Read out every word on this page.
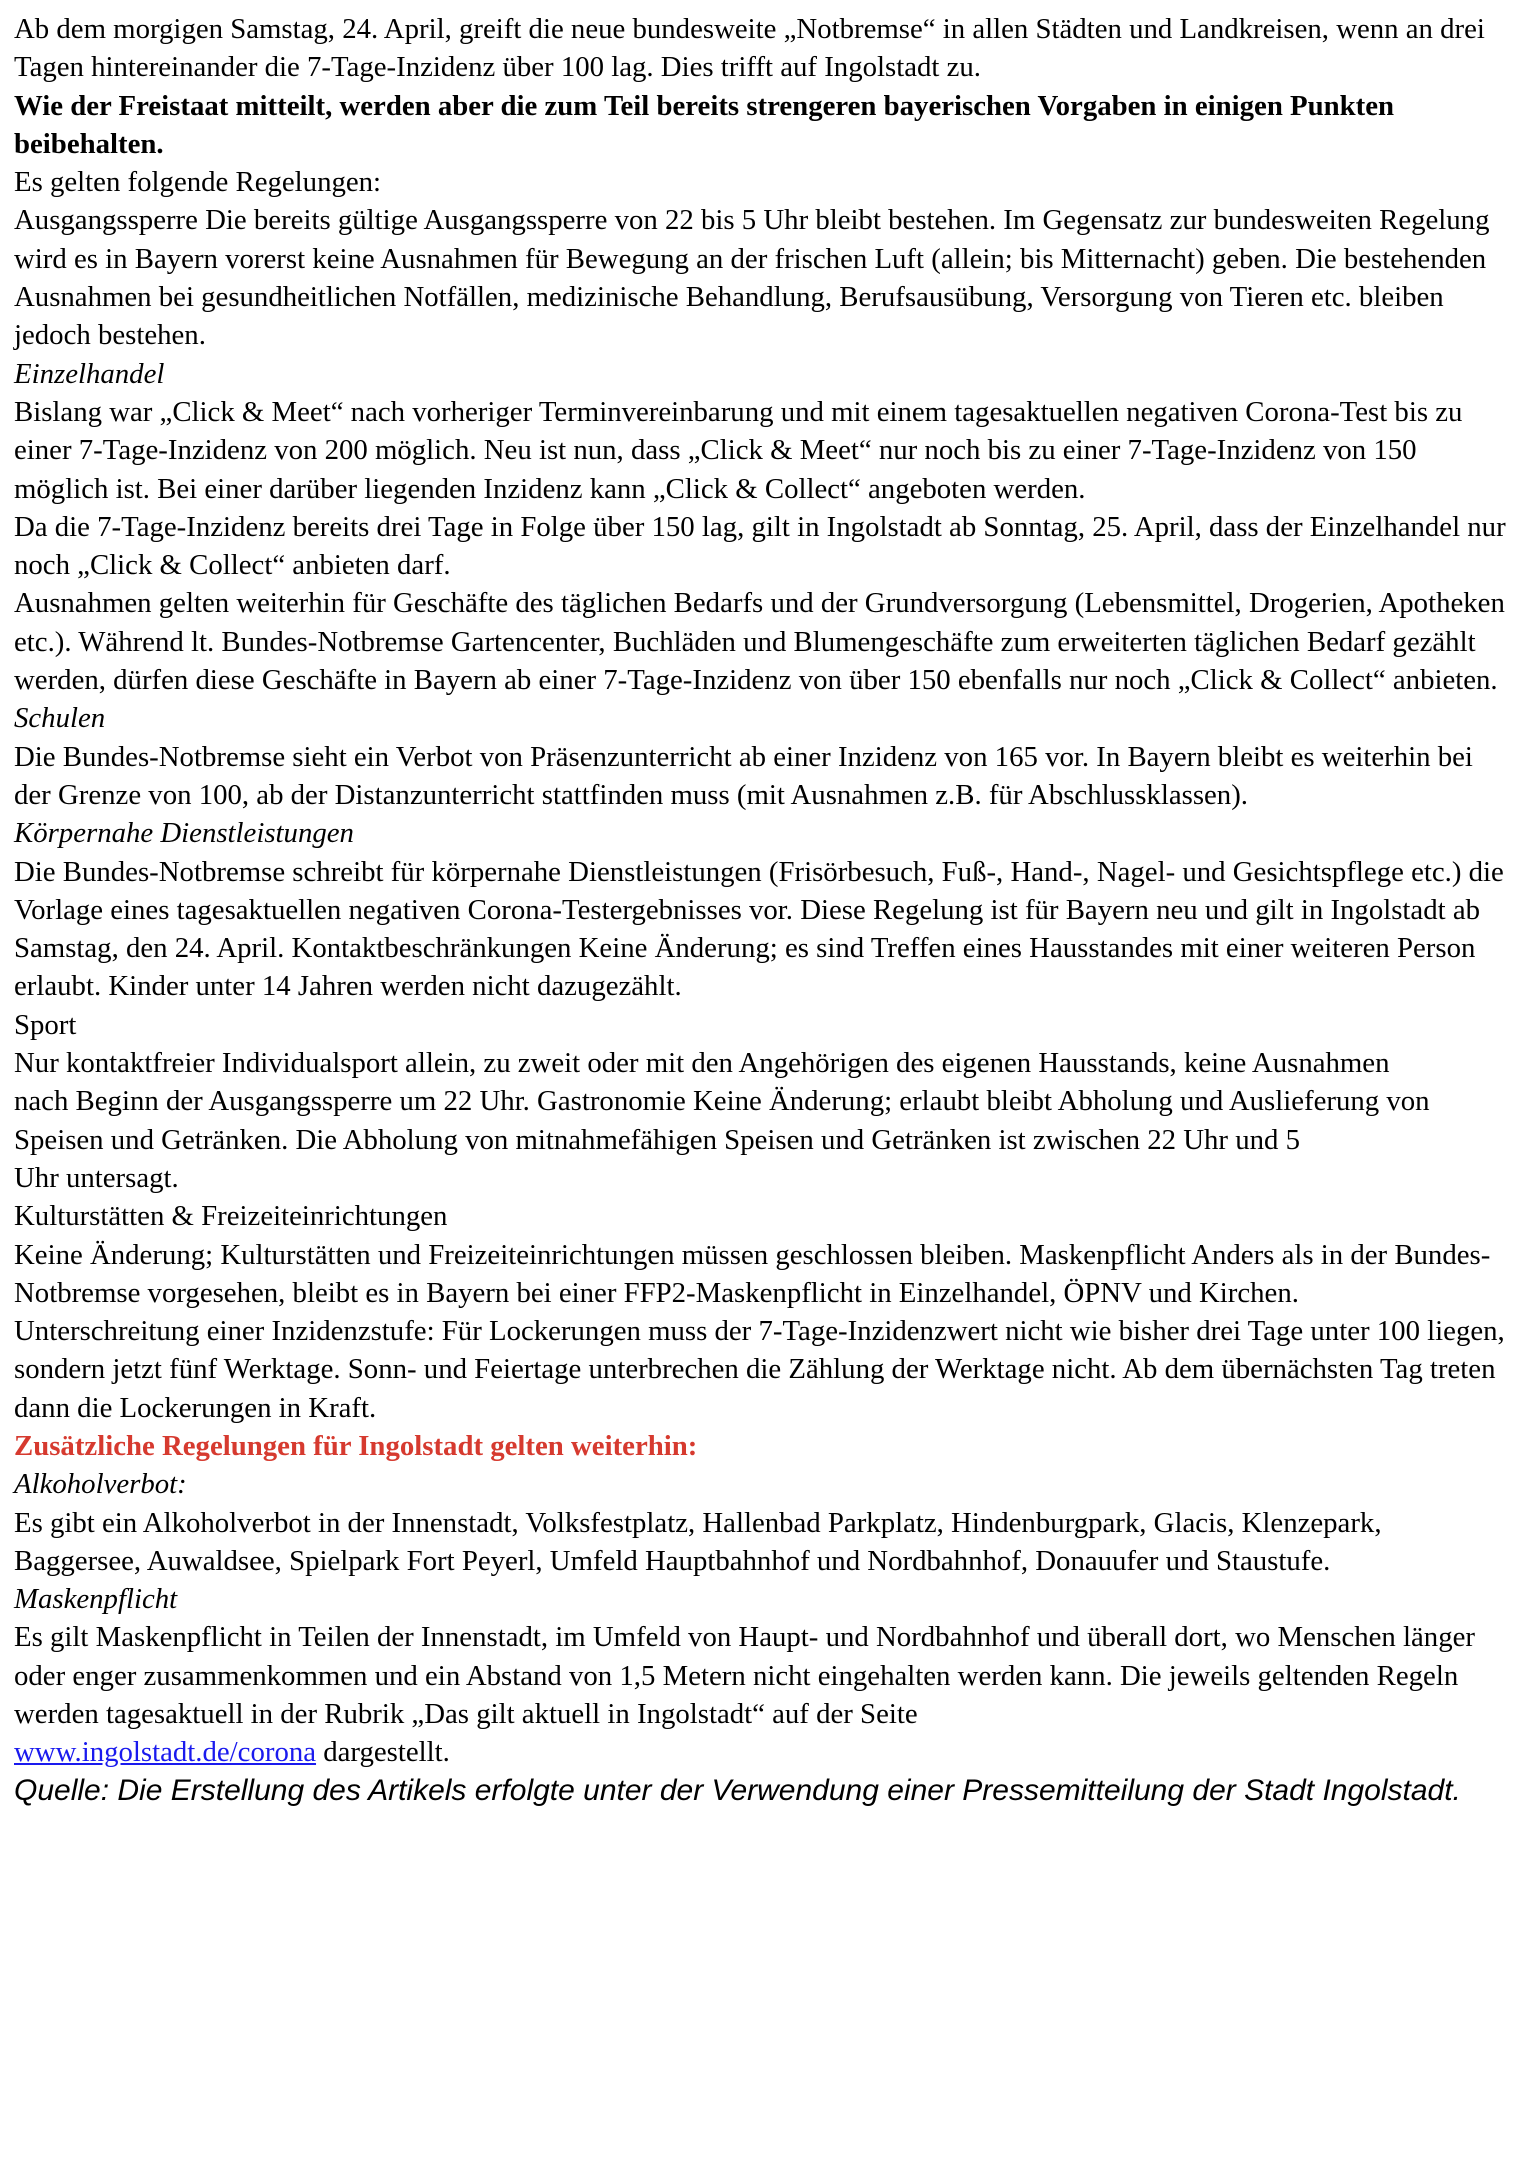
Ab dem morgigen Samstag, 24. April, greift die neue bundesweite „Notbremse“ in allen Städten und Landkreisen, wenn an drei Tagen hintereinander die 7-Tage-Inzidenz über 100 lag. Dies trifft auf Ingolstadt zu.

Wie der Freistaat mitteilt, werden aber die zum Teil bereits strengeren bayerischen Vorgaben in einigen Punkten beibehalten.

Es gelten folgende Regelungen:

Ausgangssperre Die bereits gültige Ausgangssperre von 22 bis 5 Uhr bleibt bestehen. Im Gegensatz zur bundesweiten Regelung wird es in Bayern vorerst keine Ausnahmen für Bewegung an der frischen Luft (allein; bis Mitternacht) geben. Die bestehenden Ausnahmen bei gesundheitlichen Notfällen, medizinische Behandlung, Berufsausübung, Versorgung von Tieren etc. bleiben jedoch bestehen.

Einzelhandel

Bislang war „Click & Meet“ nach vorheriger Terminvereinbarung und mit einem tagesaktuellen negativen Corona-Test bis zu einer 7-Tage-Inzidenz von 200 möglich. Neu ist nun, dass „Click & Meet“ nur noch bis zu einer 7-Tage-Inzidenz von 150 möglich ist. Bei einer darüber liegenden Inzidenz kann „Click & Collect“ angeboten werden.

Da die 7-Tage-Inzidenz bereits drei Tage in Folge über 150 lag, gilt in Ingolstadt ab Sonntag, 25. April, dass der Einzelhandel nur noch „Click & Collect“ anbieten darf.

Ausnahmen gelten weiterhin für Geschäfte des täglichen Bedarfs und der Grundversorgung (Lebensmittel, Drogerien, Apotheken etc.). Während lt. Bundes-Notbremse Gartencenter, Buchläden und Blumengeschäfte zum erweiterten täglichen Bedarf gezählt werden, dürfen diese Geschäfte in Bayern ab einer 7-Tage-Inzidenz von über 150 ebenfalls nur noch „Click & Collect“ anbieten.

Schulen

Die Bundes-Notbremse sieht ein Verbot von Präsenzunterricht ab einer Inzidenz von 165 vor. In Bayern bleibt es weiterhin bei der Grenze von 100, ab der Distanzunterricht stattfinden muss (mit Ausnahmen z.B. für Abschlussklassen).

Körpernahe Dienstleistungen

Die Bundes-Notbremse schreibt für körpernahe Dienstleistungen (Frisörbesuch, Fuß-, Hand-, Nagel- und Gesichtspflege etc.) die Vorlage eines tagesaktuellen negativen Corona-Testergebnisses vor. Diese Regelung ist für Bayern neu und gilt in Ingolstadt ab Samstag, den 24. April. Kontaktbeschränkungen Keine Änderung; es sind Treffen eines Hausstandes mit einer weiteren Person erlaubt. Kinder unter 14 Jahren werden nicht dazugezählt.

Sport

Nur kontaktfreier Individualsport allein, zu zweit oder mit den Angehörigen des eigenen Hausstands, keine Ausnahmen

nach Beginn der Ausgangssperre um 22 Uhr. Gastronomie Keine Änderung; erlaubt bleibt Abholung und Auslieferung von Speisen und Getränken. Die Abholung von mitnahmefähigen Speisen und Getränken ist zwischen 22 Uhr und 5

Uhr untersagt.

Kulturstätten & Freizeiteinrichtungen

Keine Änderung; Kulturstätten und Freizeiteinrichtungen müssen geschlossen bleiben. Maskenpflicht Anders als in der Bundes-Notbremse vorgesehen, bleibt es in Bayern bei einer FFP2-Maskenpflicht in Einzelhandel, ÖPNV und Kirchen.

Unterschreitung einer Inzidenzstufe: Für Lockerungen muss der 7-Tage-Inzidenzwert nicht wie bisher drei Tage unter 100 liegen, sondern jetzt fünf Werktage. Sonn- und Feiertage unterbrechen die Zählung der Werktage nicht. Ab dem übernächsten Tag treten dann die Lockerungen in Kraft.

Zusätzliche Regelungen für Ingolstadt gelten weiterhin:

Alkoholverbot:

Es gibt ein Alkoholverbot in der Innenstadt, Volksfestplatz, Hallenbad Parkplatz, Hindenburgpark, Glacis, Klenzepark, Baggersee, Auwaldsee, Spielpark Fort Peyerl, Umfeld Hauptbahnhof und Nordbahnhof, Donauufer und Staustufe.

Maskenpflicht

Es gilt Maskenpflicht in Teilen der Innenstadt, im Umfeld von Haupt- und Nordbahnhof und überall dort, wo Menschen länger oder enger zusammenkommen und ein Abstand von 1,5 Metern nicht eingehalten werden kann. Die jeweils geltenden Regeln werden tagesaktuell in der Rubrik „Das gilt aktuell in Ingolstadt“ auf der Seite
www.ingolstadt.de/corona dargestellt.

Quelle: Die Erstellung des Artikels erfolgte unter der Verwendung einer Pressemitteilung der Stadt Ingolstadt.
